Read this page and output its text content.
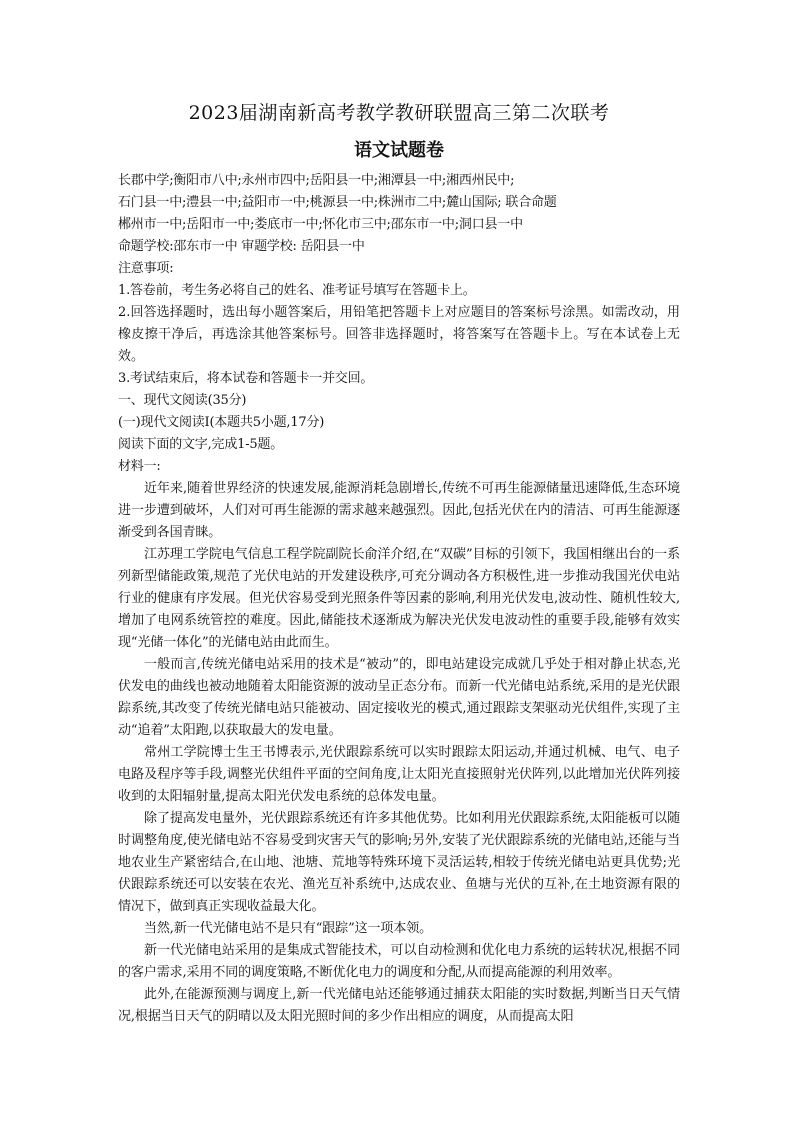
2023届湖南新高考教学教研联盟高三第二次联考
语文试题卷

长郡中学;衡阳市八中;永州市四中;岳阳县一中;湘潭县一中;湘西州民中;

石门县一中;澧县一中;益阳市一中;桃源县一中;株洲市二中;麓山国际; 联合命题

郴州市一中;岳阳市一中;娄底市一中;怀化市三中;邵东市一中;洞口县一中

命题学校:邵东市一中 审题学校: 岳阳县一中

注意事项:

1.答卷前，考生务必将自己的姓名、准考证号填写在答题卡上。

2.回答选择题时，选出每小题答案后，用铅笔把答题卡上对应题目的答案标号涂黑。如需改动，用橡皮擦干净后，再选涂其他答案标号。回答非选择题时，将答案写在答题卡上。写在本试卷上无效。

3.考试结束后，将本试卷和答题卡一并交回。

一、现代文阅读(35分)

(一)现代文阅读Ⅰ(本题共5小题,17分)

阅读下面的文字,完成1-5题。

材料一:

近年来,随着世界经济的快速发展,能源消耗急剧增长,传统不可再生能源储量迅速降低,生态环境进一步遭到破坏，人们对可再生能源的需求越来越强烈。因此,包括光伏在内的清洁、可再生能源逐渐受到各国青睐。

江苏理工学院电气信息工程学院副院长俞洋介绍,在“双碳”目标的引领下，我国相继出台的一系列新型储能政策,规范了光伏电站的开发建设秩序,可充分调动各方积极性,进一步推动我国光伏电站行业的健康有序发展。但光伏容易受到光照条件等因素的影响,利用光伏发电,波动性、随机性较大,增加了电网系统管控的难度。因此,储能技术逐渐成为解决光伏发电波动性的重要手段,能够有效实现“光储一体化”的光储电站由此而生。

一般而言,传统光储电站采用的技术是“被动”的，即电站建设完成就几乎处于相对静止状态,光伏发电的曲线也被动地随着太阳能资源的波动呈正态分布。而新一代光储电站系统,采用的是光伏跟踪系统,其改变了传统光储电站只能被动、固定接收光的模式,通过跟踪支架驱动光伏组件,实现了主动“追着”太阳跑,以获取最大的发电量。

常州工学院博士生王书博表示,光伏跟踪系统可以实时跟踪太阳运动,并通过机械、电气、电子电路及程序等手段,调整光伏组件平面的空间角度,让太阳光直接照射光伏阵列,以此增加光伏阵列接收到的太阳辐射量,提高太阳光伏发电系统的总体发电量。

除了提高发电量外，光伏跟踪系统还有许多其他优势。比如利用光伏跟踪系统,太阳能板可以随时调整角度,使光储电站不容易受到灾害天气的影响;另外,安装了光伏跟踪系统的光储电站,还能与当地农业生产紧密结合,在山地、池塘、荒地等特殊环境下灵活运转,相较于传统光储电站更具优势;光伏跟踪系统还可以安装在农光、渔光互补系统中,达成农业、鱼塘与光伏的互补,在土地资源有限的情况下，做到真正实现收益最大化。

当然,新一代光储电站不是只有“跟踪”这一项本领。

新一代光储电站采用的是集成式智能技术，可以自动检测和优化电力系统的运转状况,根据不同的客户需求,采用不同的调度策略,不断优化电力的调度和分配,从而提高能源的利用效率。

此外,在能源预测与调度上,新一代光储电站还能够通过捕获太阳能的实时数据,判断当日天气情况,根据当日天气的阴晴以及太阳光照时间的多少作出相应的调度，从而提高太阳
